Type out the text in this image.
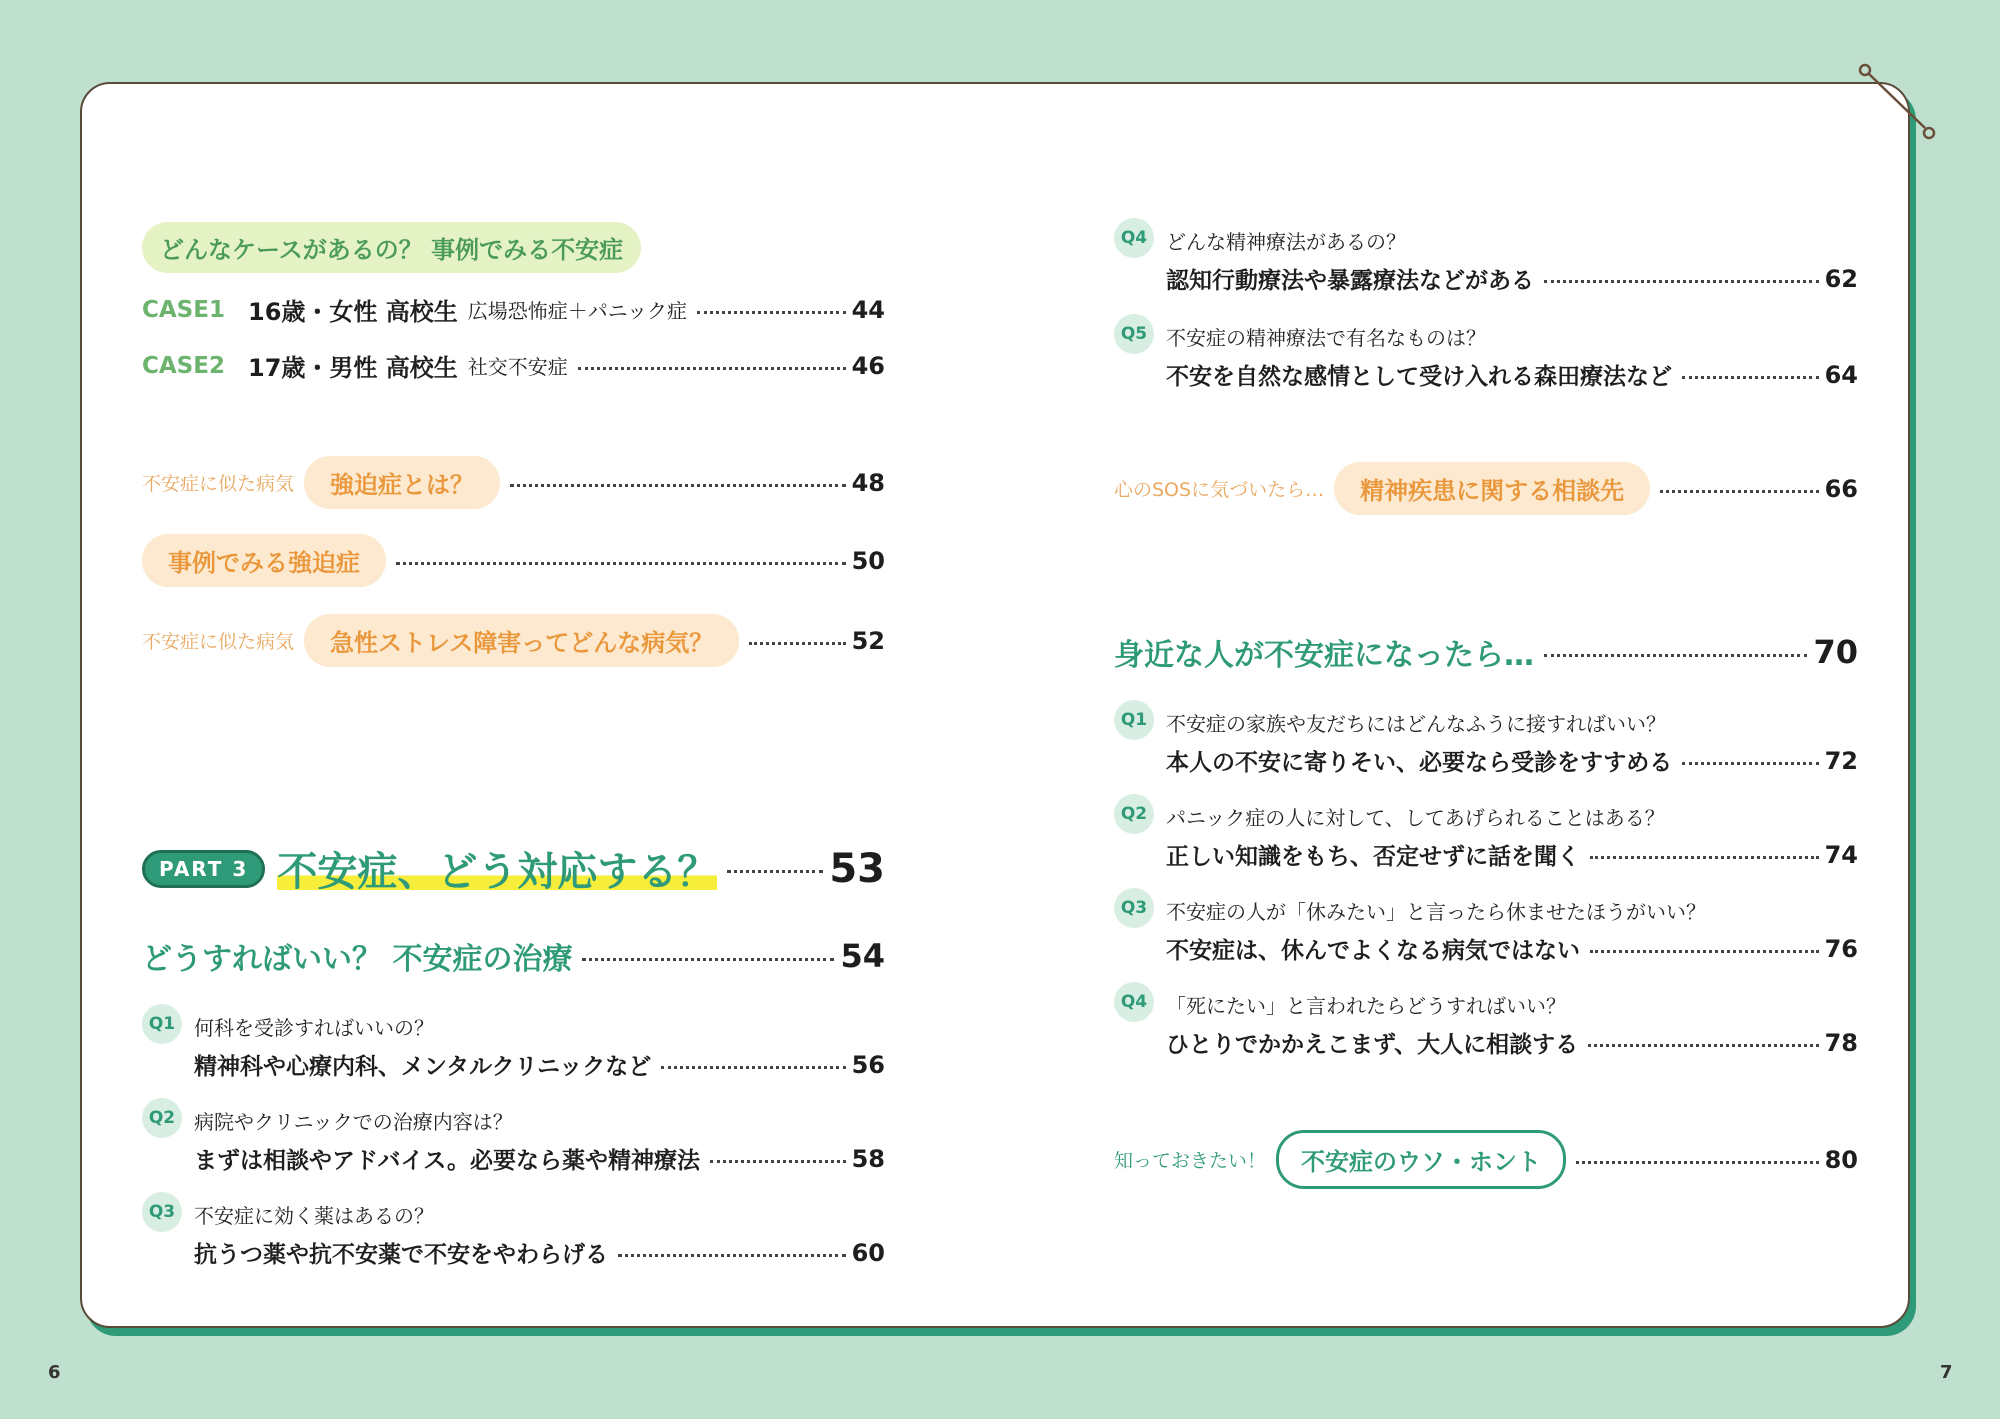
どんなケースがあるの？ 事例でみる不安症
CASE1 16歳・女性 高校生 広場恐怖症＋パニック症	44
CASE2 17歳・男性 高校生 社交不安症	46
不安症に似た病気	強迫症とは？	48
事例でみる強迫症	50
不安症に似た病気	急性ストレス障害ってどんな病気？	52
PART 3 不安症、どう対応する？	53
どうすればいい？ 不安症の治療	54
Q1 何科を受診すればいいの？
精神科や心療内科、メンタルクリニックなど	56
Q2 病院やクリニックでの治療内容は？
まずは相談やアドバイス。必要なら薬や精神療法	58
Q3 不安症に効く薬はあるの？
抗うつ薬や抗不安薬で不安をやわらげる	60
Q4 どんな精神療法があるの？
認知行動療法や暴露療法などがある	62
Q5 不安症の精神療法で有名なものは？
不安を自然な感情として受け入れる森田療法など	64
心のSOSに気づいたら…	精神疾患に関する相談先	66
身近な人が不安症になったら…	70
Q1 不安症の家族や友だちにはどんなふうに接すればいい？
本人の不安に寄りそい、必要なら受診をすすめる	72
Q2 パニック症の人に対して、してあげられることはある？
正しい知識をもち、否定せずに話を聞く	74
Q3 不安症の人が「休みたい」と言ったら休ませたほうがいい？
不安症は、休んでよくなる病気ではない	76
Q4 「死にたい」と言われたらどうすればいい？
ひとりでかかえこまず、大人に相談する	78
知っておきたい！	不安症のウソ・ホント	80
6	7
